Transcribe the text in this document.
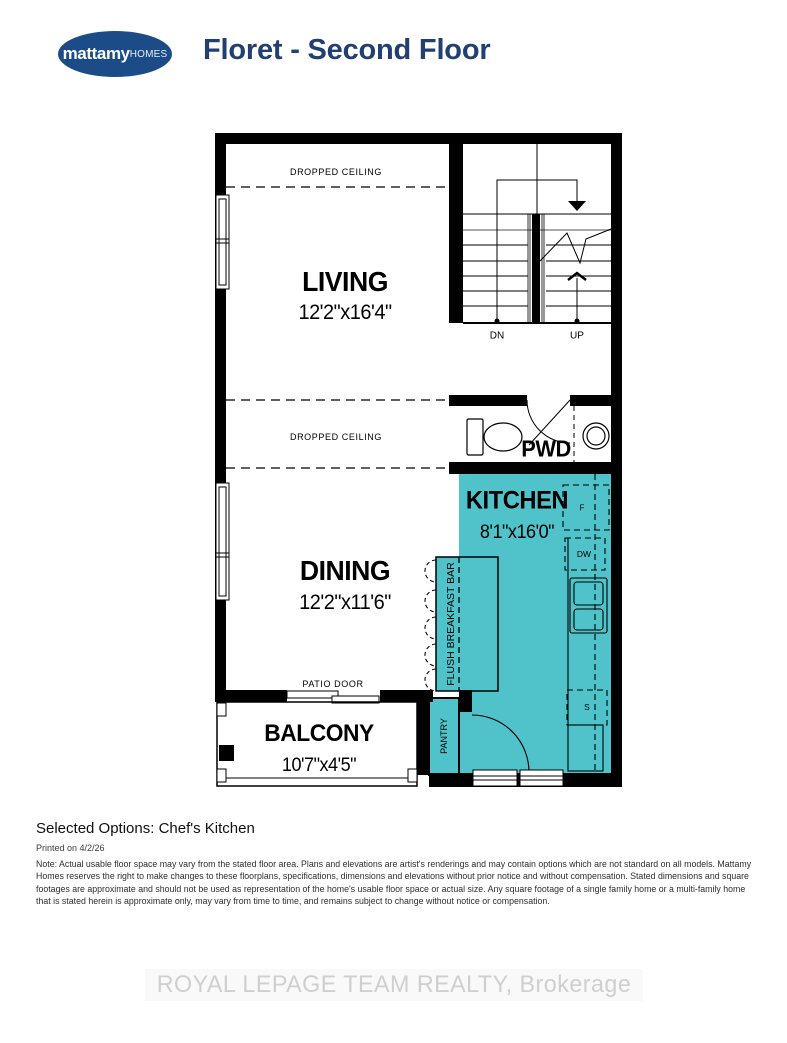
mattamy HOMES Floret - Second Floor
DROPPED CEILING
LIVING
12'2"x16'4"
DN	UP
DROPPED CEILING	PWD
KITCHEN
8'1"x16'0"
F
DW
S
FLUSH BREAKFAST BAR
DINING
12'2"x11'6"
PATIO DOOR
PANTRY
BALCONY
10'7"x4'5"
Selected Options: Chef's Kitchen
Printed on 4/2/26
Note: Actual usable floor space may vary from the stated floor area. Plans and elevations are artist's renderings and may contain options which are not standard on all models. Mattamy Homes reserves the right to make changes to these floorplans, specifications, dimensions and elevations without prior notice and without compensation. Stated dimensions and square footages are approximate and should not be used as representation of the home's usable floor space or actual size. Any square footage of a single family home or a multi-family home that is stated herein is approximate only, may vary from time to time, and remains subject to change without notice or compensation.
ROYAL LEPAGE TEAM REALTY, Brokerage
